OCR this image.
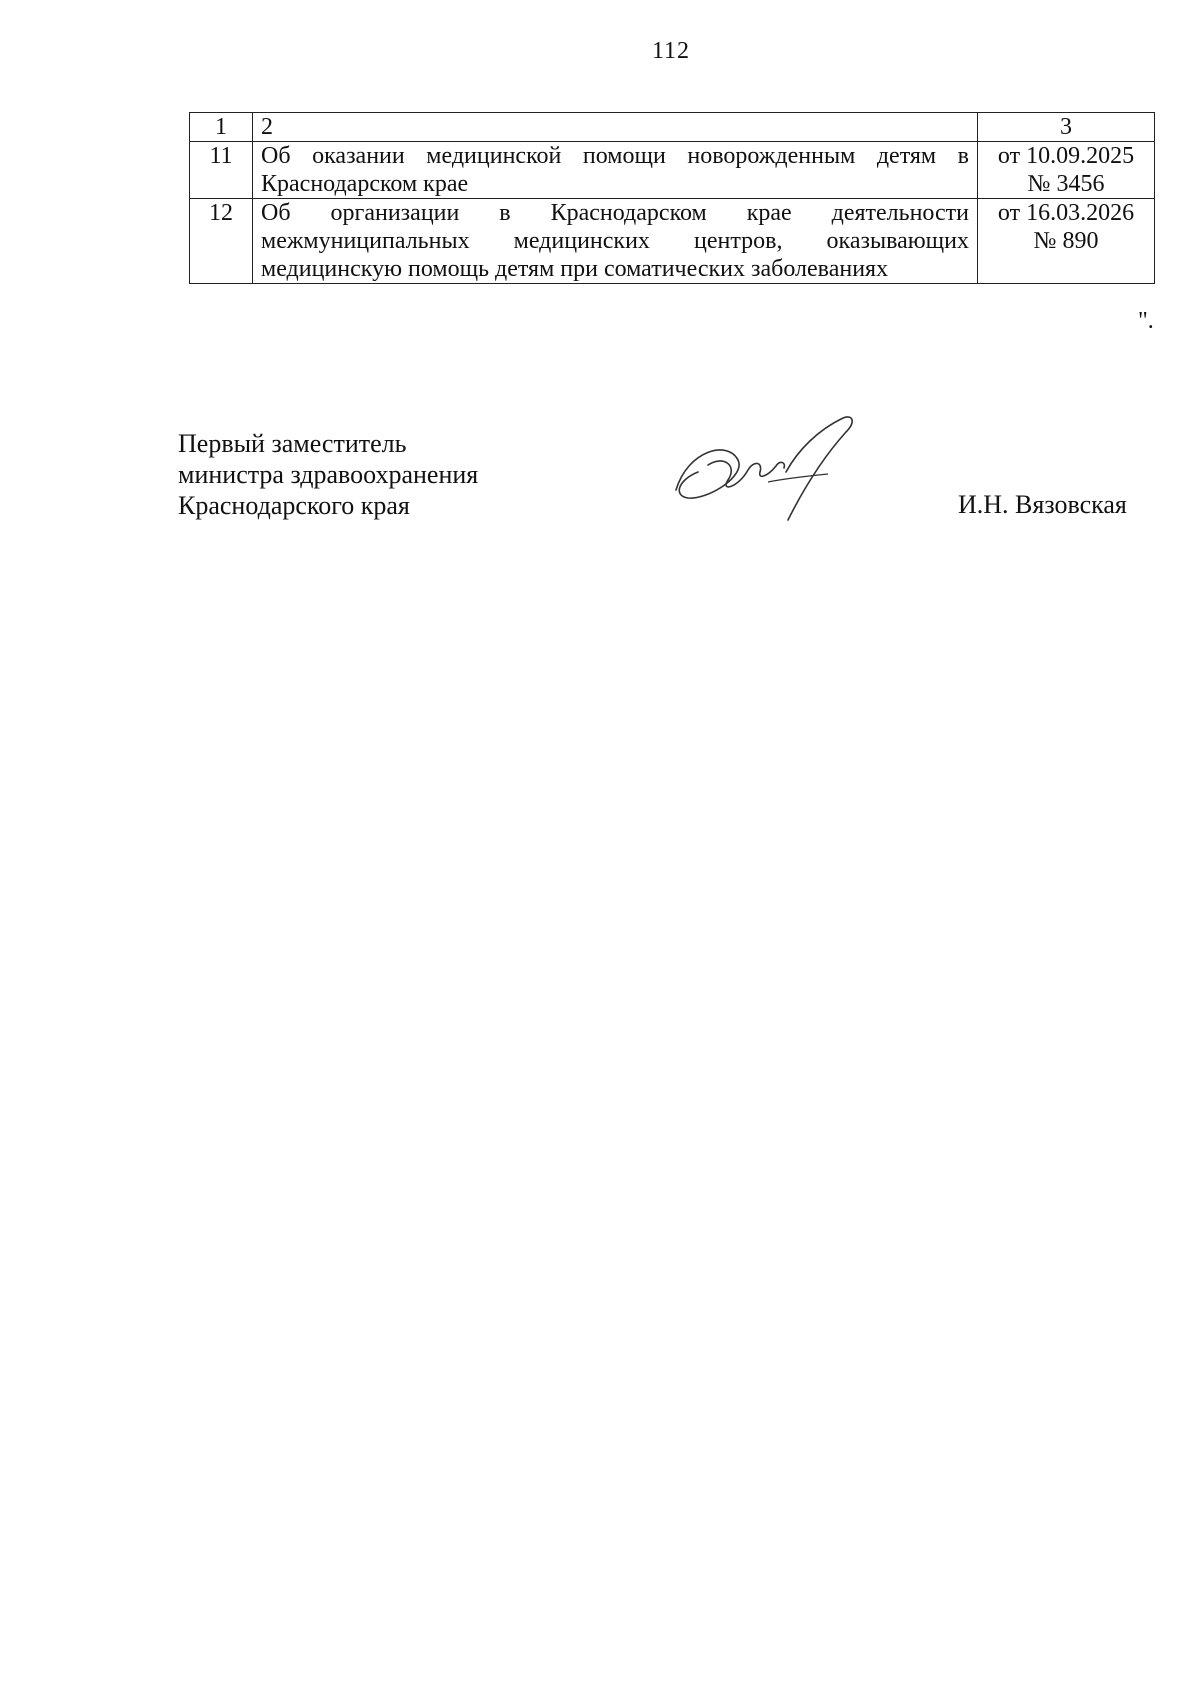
112
1	2	3
11	Об оказании медицинской помощи новорожденным детям в Краснодарском крае	от 10.09.2025
№ 3456

12	Об организации в Краснодарском крае деятельности межмуниципальных медицинских центров, оказывающих медицинскую помощь детям при соматических заболеваниях	от 16.03.2026
№ 890
".
Первый заместитель
министра здравоохранения
Краснодарского края	И.Н. Вязовская
